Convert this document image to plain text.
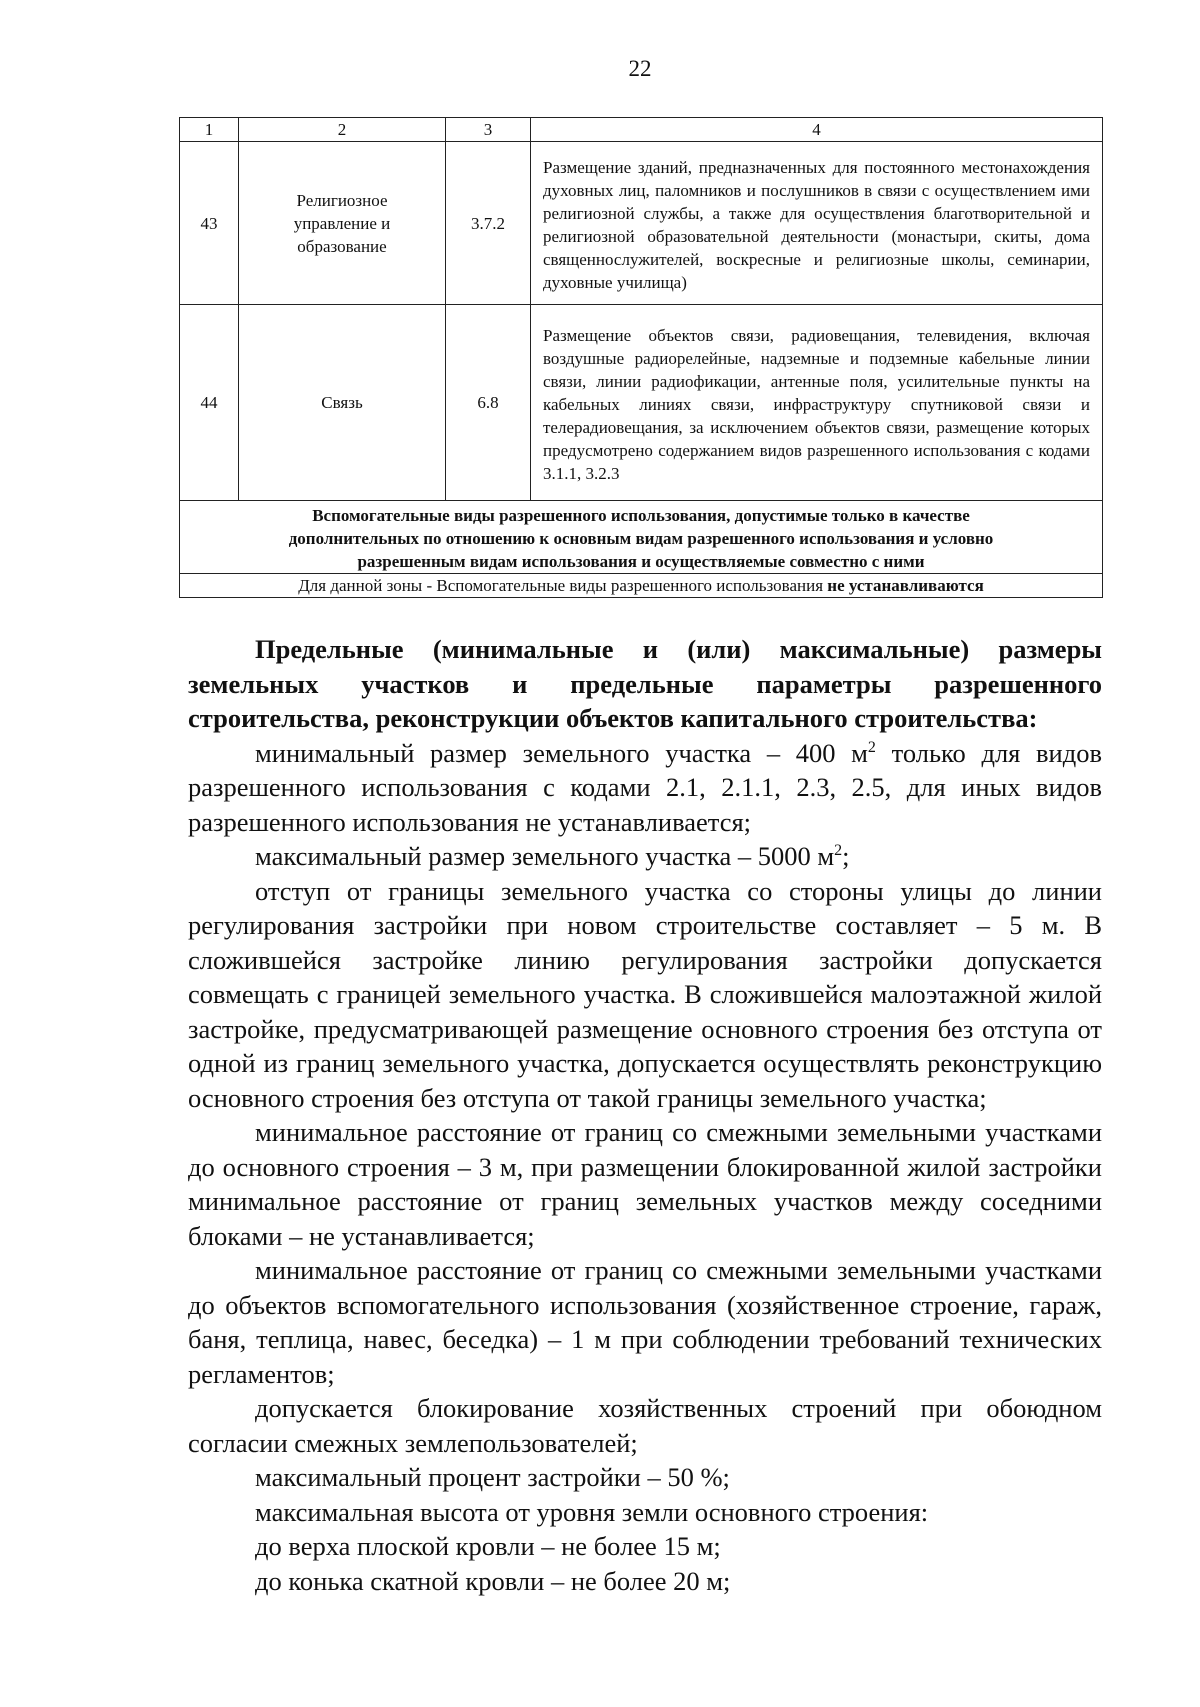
22
1	2	3	4
43	Религиозное управление и образование	3.7.2	Размещение зданий, предназначенных для постоянного местонахождения духовных лиц, паломников и послушников в связи с осуществлением ими религиозной службы, а также для осуществления благотворительной и религиозной образовательной деятельности (монастыри, скиты, дома священнослужителей, воскресные и религиозные школы, семинарии, духовные училища)
44	Связь	6.8	Размещение объектов связи, радиовещания, телевидения, включая воздушные радиорелейные, надземные и подземные кабельные линии связи, линии радиофикации, антенные поля, усилительные пункты на кабельных линиях связи, инфраструктуру спутниковой связи и телерадиовещания, за исключением объектов связи, размещение которых предусмотрено содержанием видов разрешенного использования с кодами 3.1.1, 3.2.3

Вспомогательные виды разрешенного использования, допустимые только в качестве
дополнительных по отношению к основным видам разрешенного использования и условно
разрешенным видам использования и осуществляемые совместно с ними			

Для данной зоны - Вспомогательные виды разрешенного использования не устанавливаются			

Предельные (минимальные и (или) максимальные) размеры земельных участков и предельные параметры разрешенного строительства, реконструкции объектов капитального строительства:

минимальный размер земельного участка – 400 $м^2$ только для видов разрешенного использования с кодами 2.1, 2.1.1, 2.3, 2.5, для иных видов разрешенного использования не устанавливается;

максимальный размер земельного участка – 5000 $м^2$;

отступ от границы земельного участка со стороны улицы до линии регулирования застройки при новом строительстве составляет – 5 м. В сложившейся застройке линию регулирования застройки допускается совмещать с границей земельного участка. В сложившейся малоэтажной жилой застройке, предусматривающей размещение основного строения без отступа от одной из границ земельного участка, допускается осуществлять реконструкцию основного строения без отступа от такой границы земельного участка;

минимальное расстояние от границ со смежными земельными участками до основного строения – 3 м, при размещении блокированной жилой застройки минимальное расстояние от границ земельных участков между соседними блоками – не устанавливается;

минимальное расстояние от границ со смежными земельными участками до объектов вспомогательного использования (хозяйственное строение, гараж, баня, теплица, навес, беседка) – 1 м при соблюдении требований технических регламентов;

допускается блокирование хозяйственных строений при обоюдном согласии смежных землепользователей;

максимальный процент застройки – 50 %;

максимальная высота от уровня земли основного строения:

до верха плоской кровли – не более 15 м;

до конька скатной кровли – не более 20 м;
